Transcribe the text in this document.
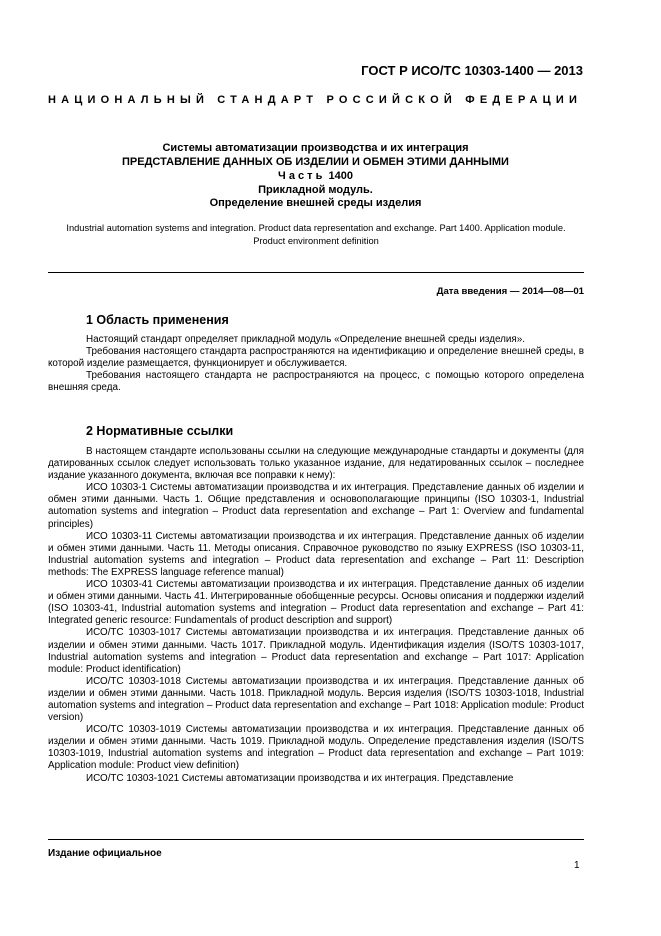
ГОСТ Р ИСО/ТС 10303-1400 — 2013
НАЦИОНАЛЬНЫЙ СТАНДАРТ РОССИЙСКОЙ ФЕДЕРАЦИИ
Системы автоматизации производства и их интеграция
ПРЕДСТАВЛЕНИЕ ДАННЫХ ОБ ИЗДЕЛИИ И ОБМЕН ЭТИМИ ДАННЫМИ
Ч а с т ь  1400
Прикладной модуль.
Определение внешней среды изделия
Industrial automation systems and integration. Product data representation and exchange. Part 1400. Application module. Product environment definition
Дата введения — 2014—08—01
1 Область применения

Настоящий стандарт определяет прикладной модуль «Определение внешней среды изделия».

Требования настоящего стандарта распространяются на идентификацию и определение внешней среды, в которой изделие размещается, функционирует и обслуживается.

Требования настоящего стандарта не распространяются на процесс, с помощью которого определена внешняя среда.

2 Нормативные ссылки

В настоящем стандарте использованы ссылки на следующие международные стандарты и документы (для датированных ссылок следует использовать только указанное издание, для недатированных ссылок – последнее издание указанного документа, включая все поправки к нему):

ИСО 10303-1 Системы автоматизации производства и их интеграция. Представление данных об изделии и обмен этими данными. Часть 1. Общие представления и основополагающие принципы (ISO 10303-1, Industrial automation systems and integration – Product data representation and exchange – Part 1: Overview and fundamental principles)

ИСО 10303-11 Системы автоматизации производства и их интеграция. Представление данных об изделии и обмен этими данными. Часть 11. Методы описания. Справочное руководство по языку EXPRESS (ISO 10303-11, Industrial automation systems and integration – Product data representation and exchange – Part 11: Description methods: The EXPRESS language reference manual)

ИСО 10303-41 Системы автоматизации производства и их интеграция. Представление данных об изделии и обмен этими данными. Часть 41. Интегрированные обобщенные ресурсы. Основы описания и поддержки изделий (ISO 10303-41, Industrial automation systems and integration – Product data representation and exchange – Part 41: Integrated generic resource: Fundamentals of product description and support)

ИСО/ТС 10303-1017 Системы автоматизации производства и их интеграция. Представление данных об изделии и обмен этими данными. Часть 1017. Прикладной модуль. Идентификация изделия (ISO/TS 10303-1017, Industrial automation systems and integration – Product data representation and exchange – Part 1017: Application module: Product identification)

ИСО/ТС 10303-1018 Системы автоматизации производства и их интеграция. Представление данных об изделии и обмен этими данными. Часть 1018. Прикладной модуль. Версия изделия (ISO/TS 10303-1018, Industrial automation systems and integration – Product data representation and exchange – Part 1018: Application module: Product version)

ИСО/ТС 10303-1019 Системы автоматизации производства и их интеграция. Представление данных об изделии и обмен этими данными. Часть 1019. Прикладной модуль. Определение представления изделия (ISO/TS 10303-1019, Industrial automation systems and integration – Product data representation and exchange – Part 1019: Application module: Product view definition)

ИСО/ТС 10303-1021 Системы автоматизации производства и их интеграция. Представление

Издание официальное
1
